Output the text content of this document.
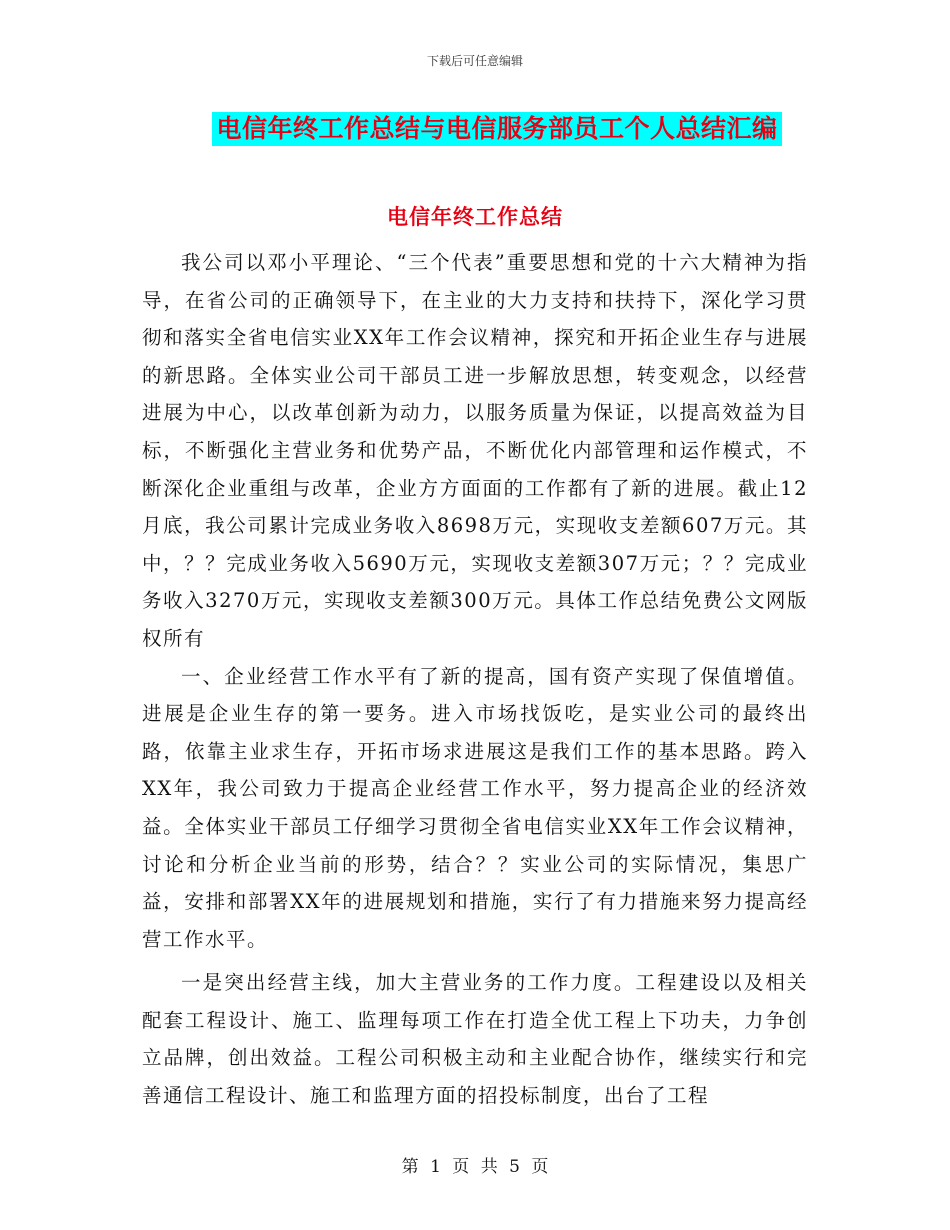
下载后可任意编辑
电信年终工作总结与电信服务部员工个人总结汇编
电信年终工作总结

我公司以邓小平理论、“三个代表”重要思想和党的十六大精神为指导，在省公司的正确领导下，在主业的大力支持和扶持下，深化学习贯彻和落实全省电信实业XX年工作会议精神，探究和开拓企业生存与进展的新思路。全体实业公司干部员工进一步解放思想，转变观念，以经营进展为中心，以改革创新为动力，以服务质量为保证，以提高效益为目标，不断强化主营业务和优势产品，不断优化内部管理和运作模式，不断深化企业重组与改革，企业方方面面的工作都有了新的进展。截止12月底，我公司累计完成业务收入8698万元，实现收支差额607万元。其中，？？完成业务收入5690万元，实现收支差额307万元；？？完成业务收入3270万元，实现收支差额300万元。具体工作总结免费公文网版权所有

一、企业经营工作水平有了新的提高，国有资产实现了保值增值。进展是企业生存的第一要务。进入市场找饭吃，是实业公司的最终出路，依靠主业求生存，开拓市场求进展这是我们工作的基本思路。跨入XX年，我公司致力于提高企业经营工作水平，努力提高企业的经济效益。全体实业干部员工仔细学习贯彻全省电信实业XX年工作会议精神，讨论和分析企业当前的形势，结合？？实业公司的实际情况，集思广益，安排和部署XX年的进展规划和措施，实行了有力措施来努力提高经营工作水平。

一是突出经营主线，加大主营业务的工作力度。工程建设以及相关配套工程设计、施工、监理每项工作在打造全优工程上下功夫，力争创立品牌，创出效益。工程公司积极主动和主业配合协作，继续实行和完善通信工程设计、施工和监理方面的招投标制度，出台了工程

第 1 页 共 5 页
